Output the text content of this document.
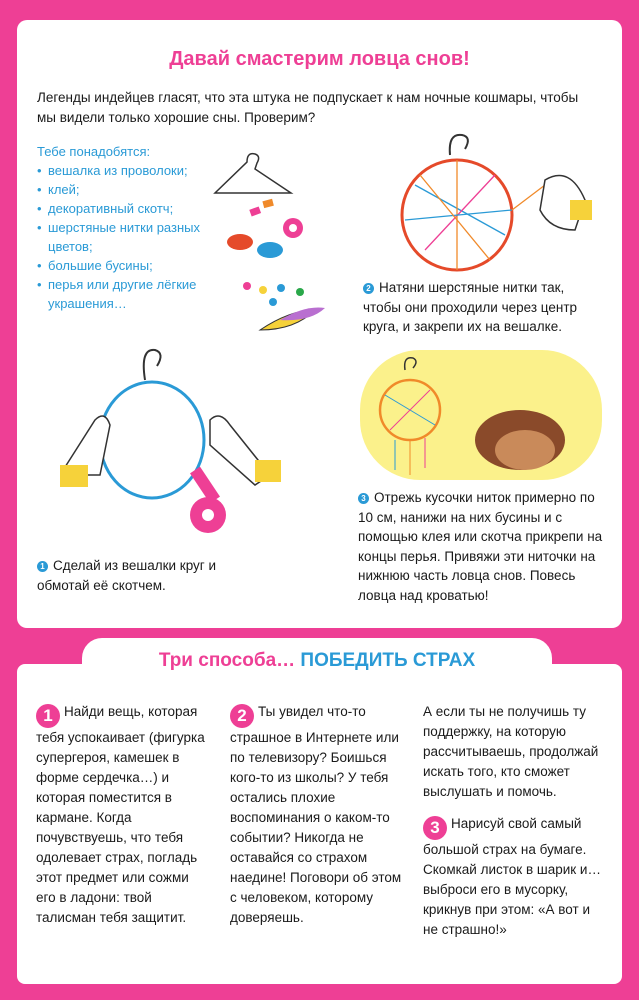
Давай смастерим ловца снов!
Легенды индейцев гласят, что эта штука не подпускает к нам ночные кошмары, чтобы мы видели только хорошие сны. Проверим?
Тебе понадобятся:
• вешалка из проволоки;
• клей;
• декоративный скотч;
• шерстяные нитки разных цветов;
• большие бусины;
• перья или другие лёгкие украшения…
2 Натяни шерстяные нитки так, чтобы они проходили через центр круга, и закрепи их на вешалке.
3 Отрежь кусочки ниток примерно по 10 см, нанижи на них бусины и с помощью клея или скотча прикрепи на концы перья. Привяжи эти ниточки на нижнюю часть ловца снов. Повесь ловца над кроватью!
1 Сделай из вешалки круг и обмотай её скотчем.
Три способа… ПОБЕДИТЬ СТРАХ
1 Найди вещь, которая тебя успокаивает (фигурка супергероя, камешек в форме сердечка…) и которая поместится в кармане. Когда почувствуешь, что тебя одолевает страх, погладь этот предмет или сожми его в ладони: твой талисман тебя защитит.
2 Ты увидел что-то страшное в Интернете или по телевизору? Боишься кого-то из школы? У тебя остались плохие воспоминания о каком-то событии? Никогда не оставайся со страхом наедине! Поговори об этом с человеком, которому доверяешь.
А если ты не получишь ту поддержку, на которую рассчитываешь, продолжай искать того, кто сможет выслушать и помочь.
3 Нарисуй свой самый большой страх на бумаге. Скомкай листок в шарик и… выброси его в мусорку, крикнув при этом: «А вот и не страшно!»
